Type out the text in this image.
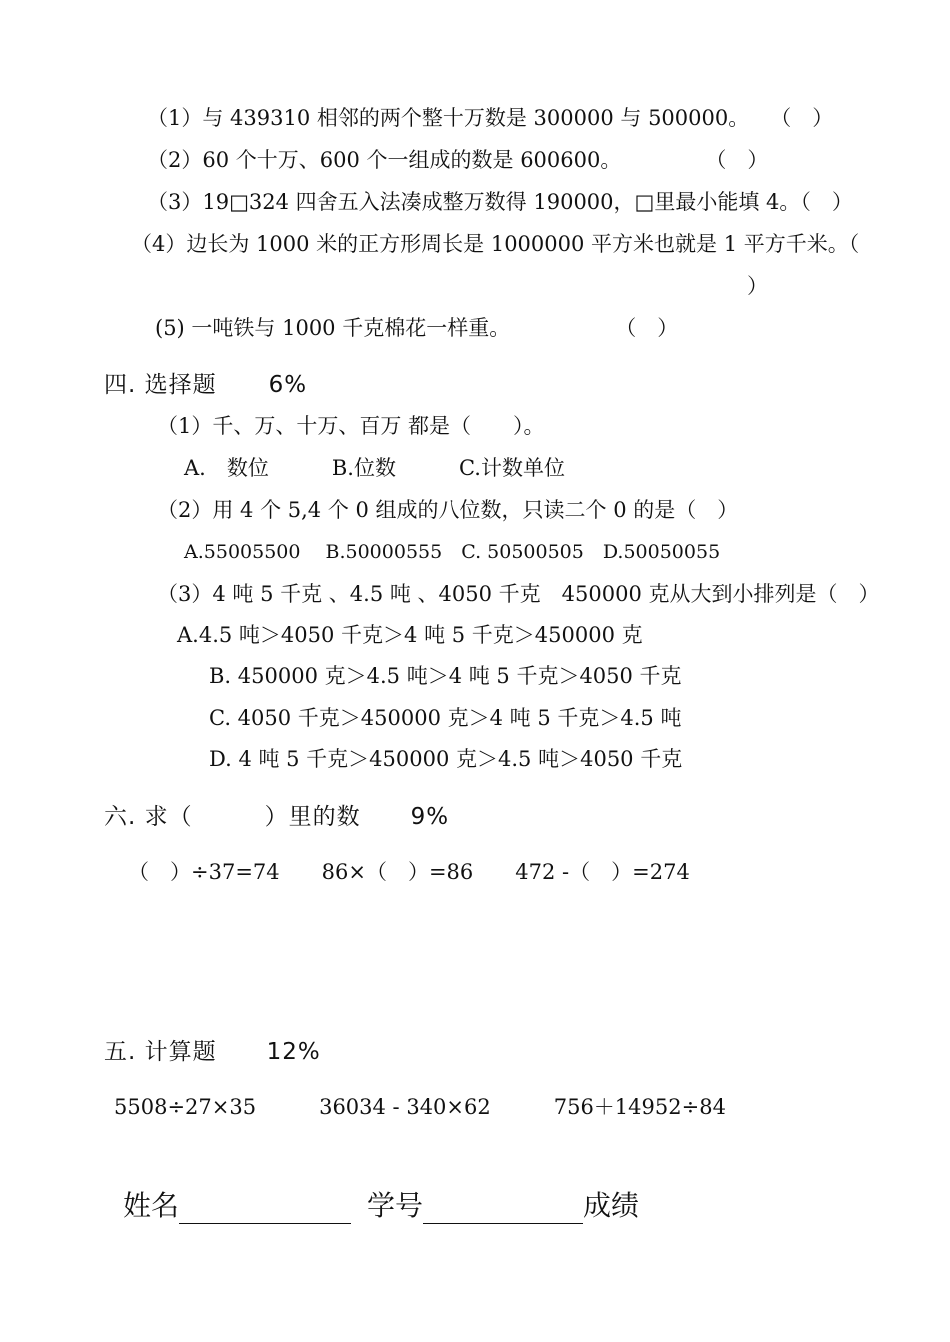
（1）与 439310 相邻的两个整十万数是 300000 与 500000。　　（　）
（2）60 个十万、600 个一组成的数是 600600。　　　　　（　）
（3）19□324 四舍五入法凑成整万数得 190000，□里最小能填 4。（　）
（4）边长为 1000 米的正方形周长是 1000000 平方米也就是 1 平方千米。（
）
(5) 一吨铁与 1000 千克棉花一样重。　　　　　　（　）
四. 选择题 6%
（1）千、万、十万、百万 都是（　　）。
A.　数位　　　B.位数　　　C.计数单位
（2）用 4 个 5,4 个 0 组成的八位数，只读二个 0 的是（　）
A.55005500　 B.50000555　C. 50500505　D.50050055
（3）4 吨 5 千克 、4.5 吨 、4050 千克　450000 克从大到小排列是（　）
A.4.5 吨＞4050 千克＞4 吨 5 千克＞450000 克
B. 450000 克＞4.5 吨＞4 吨 5 千克＞4050 千克
C. 4050 千克＞450000 克＞4 吨 5 千克＞4.5 吨
D. 4 吨 5 千克＞450000 克＞4.5 吨＞4050 千克
六. 求（　　　）里的数 9%
（　）÷37=74　　86×（　）=86　　472 -（　）=274
五. 计算题 12%
5508÷27×35　　　36034 - 340×62　　　756＋14952÷84
姓名	学号	成绩
